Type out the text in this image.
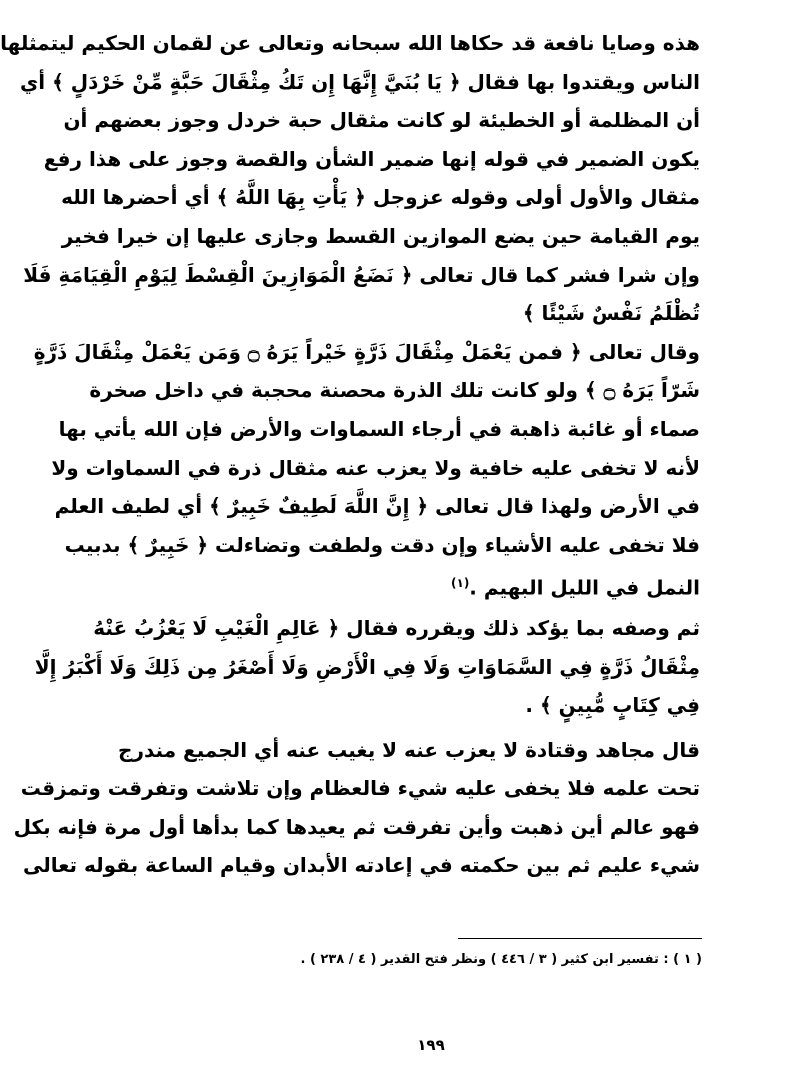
هذه وصايا نافعة قد حكاها الله سبحانه وتعالى عن لقمان الحكيم ليتمثلها
الناس ويقتدوا بها فقال ﴿ يَا بُنَيَّ إِنَّهَا إِن تَكُ مِثْقَالَ حَبَّةٍ مِّنْ خَرْدَلٍ ﴾ أي
أن المظلمة أو الخطيئة لو كانت مثقال حبة خردل وجوز بعضهم أن
يكون الضمير في قوله إنها ضمير الشأن والقصة وجوز على هذا رفع
مثقال والأول أولى وقوله عزوجل ﴿ يَأْتِ بِهَا اللَّهُ ﴾ أي أحضرها الله
يوم القيامة حين يضع الموازين القسط وجازى عليها إن خيرا فخير
وإن شرا فشر كما قال تعالى ﴿ نَضَعُ الْمَوَازِينَ الْقِسْطَ لِيَوْمِ الْقِيَامَةِ فَلَا
تُظْلَمُ نَفْسٌ شَيْئًا ﴾
وقال تعالى ﴿ فمن يَعْمَلْ مِثْقَالَ ذَرَّةٍ خَيْراً يَرَهُ ۝ وَمَن يَعْمَلْ مِثْقَالَ ذَرَّةٍ
شَرّاً يَرَهُ ۝ ﴾ ولو كانت تلك الذرة محصنة محجبة في داخل صخرة
صماء أو غائبة ذاهبة في أرجاء السماوات والأرض فإن الله يأتي بها
لأنه لا تخفى عليه خافية ولا يعزب عنه مثقال ذرة في السماوات ولا
في الأرض ولهذا قال تعالى ﴿ إِنَّ اللَّهَ لَطِيفٌ خَبِيرٌ ﴾ أي لطيف العلم
فلا تخفى عليه الأشياء وإن دقت ولطفت وتضاءلت ﴿ خَبِيرٌ ﴾ بدبيب
النمل في الليل البهيم .$^{(١)}$
ثم وصفه بما يؤكد ذلك ويقرره فقال ﴿ عَالِمِ الْغَيْبِ لَا يَعْزُبُ عَنْهُ
مِثْقَالُ ذَرَّةٍ فِي السَّمَاوَاتِ وَلَا فِي الْأَرْضِ وَلَا أَصْغَرُ مِن ذَلِكَ وَلَا أَكْبَرُ إِلَّا
فِي كِتَابٍ مُّبِينٍ ﴾ .
قال مجاهد وقتادة لا يعزب عنه لا يغيب عنه أي الجميع مندرج
تحت علمه فلا يخفى عليه شيء فالعظام وإن تلاشت وتفرقت وتمزقت
فهو عالم أين ذهبت وأين تفرقت ثم يعيدها كما بدأها أول مرة فإنه بكل
شيء عليم ثم بين حكمته في إعادته الأبدان وقيام الساعة بقوله تعالى
( ١ ) : تفسير ابن كثير ( ٣ / ٤٤٦ ) ونظر فتح القدير ( ٤ / ٢٣٨ ) .
١٩٩
